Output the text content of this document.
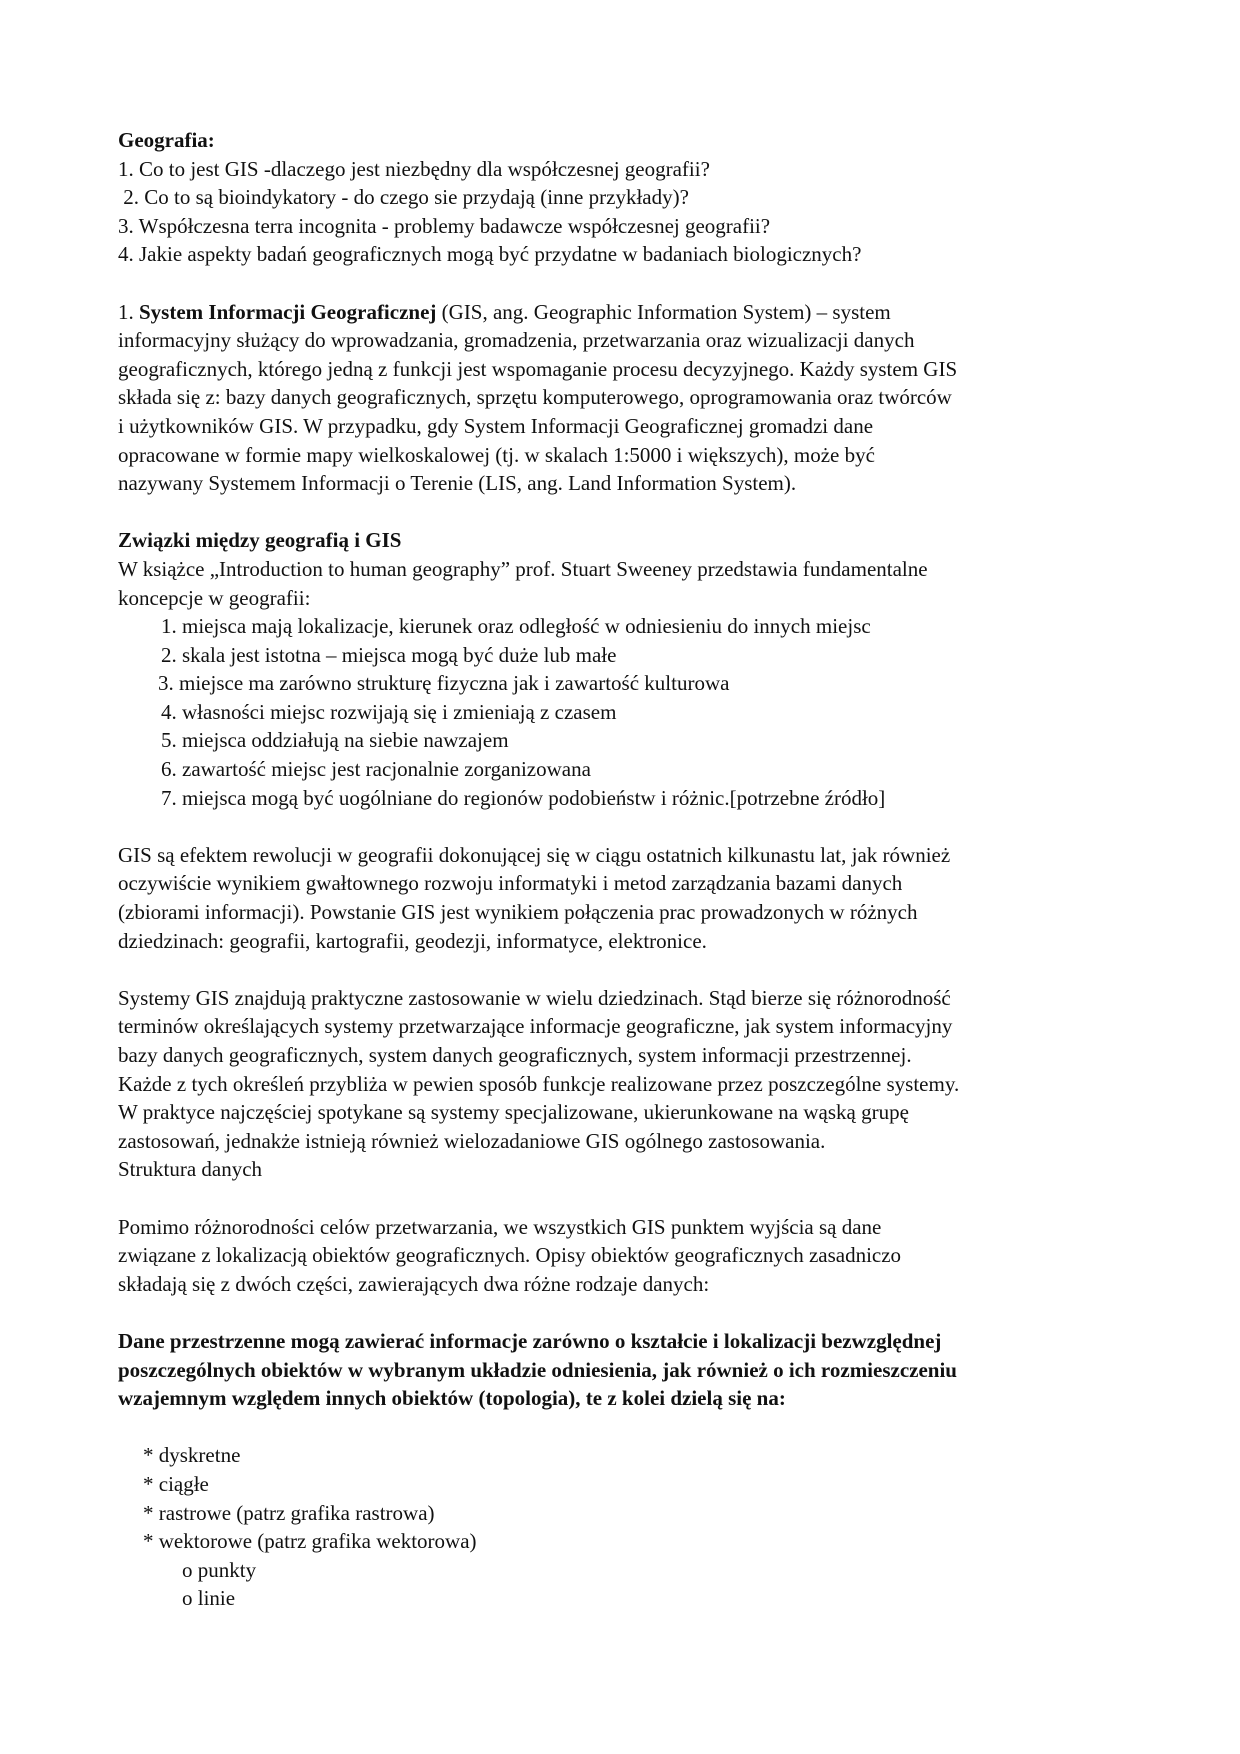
Geografia:
1. Co to jest GIS -dlaczego jest niezbędny dla współczesnej geografii?
2. Co to są bioindykatory - do czego sie przydają (inne przykłady)?
3. Współczesna terra incognita - problemy badawcze współczesnej geografii?
4. Jakie aspekty badań geograficznych mogą być przydatne w badaniach biologicznych?
1. System Informacji Geograficznej (GIS, ang. Geographic Information System) – system
informacyjny służący do wprowadzania, gromadzenia, przetwarzania oraz wizualizacji danych
geograficznych, którego jedną z funkcji jest wspomaganie procesu decyzyjnego. Każdy system GIS
składa się z: bazy danych geograficznych, sprzętu komputerowego, oprogramowania oraz twórców
i użytkowników GIS. W przypadku, gdy System Informacji Geograficznej gromadzi dane
opracowane w formie mapy wielkoskalowej (tj. w skalach 1:5000 i większych), może być
nazywany Systemem Informacji o Terenie (LIS, ang. Land Information System).
Związki między geografią i GIS
W książce „Introduction to human geography” prof. Stuart Sweeney przedstawia fundamentalne
koncepcje w geografii:
1. miejsca mają lokalizacje, kierunek oraz odległość w odniesieniu do innych miejsc
2. skala jest istotna – miejsca mogą być duże lub małe
3. miejsce ma zarówno strukturę fizyczna jak i zawartość kulturowa
4. własności miejsc rozwijają się i zmieniają z czasem
5. miejsca oddziałują na siebie nawzajem
6. zawartość miejsc jest racjonalnie zorganizowana
7. miejsca mogą być uogólniane do regionów podobieństw i różnic.[potrzebne źródło]
GIS są efektem rewolucji w geografii dokonującej się w ciągu ostatnich kilkunastu lat, jak również
oczywiście wynikiem gwałtownego rozwoju informatyki i metod zarządzania bazami danych
(zbiorami informacji). Powstanie GIS jest wynikiem połączenia prac prowadzonych w różnych
dziedzinach: geografii, kartografii, geodezji, informatyce, elektronice.
Systemy GIS znajdują praktyczne zastosowanie w wielu dziedzinach. Stąd bierze się różnorodność
terminów określających systemy przetwarzające informacje geograficzne, jak system informacyjny
bazy danych geograficznych, system danych geograficznych, system informacji przestrzennej.
Każde z tych określeń przybliża w pewien sposób funkcje realizowane przez poszczególne systemy.
W praktyce najczęściej spotykane są systemy specjalizowane, ukierunkowane na wąską grupę
zastosowań, jednakże istnieją również wielozadaniowe GIS ogólnego zastosowania.
Struktura danych
Pomimo różnorodności celów przetwarzania, we wszystkich GIS punktem wyjścia są dane
związane z lokalizacją obiektów geograficznych. Opisy obiektów geograficznych zasadniczo
składają się z dwóch części, zawierających dwa różne rodzaje danych:
Dane przestrzenne mogą zawierać informacje zarówno o kształcie i lokalizacji bezwzględnej
poszczególnych obiektów w wybranym układzie odniesienia, jak również o ich rozmieszczeniu
wzajemnym względem innych obiektów (topologia), te z kolei dzielą się na:
* dyskretne
* ciągłe
* rastrowe (patrz grafika rastrowa)
* wektorowe (patrz grafika wektorowa)
o punkty
o linie
